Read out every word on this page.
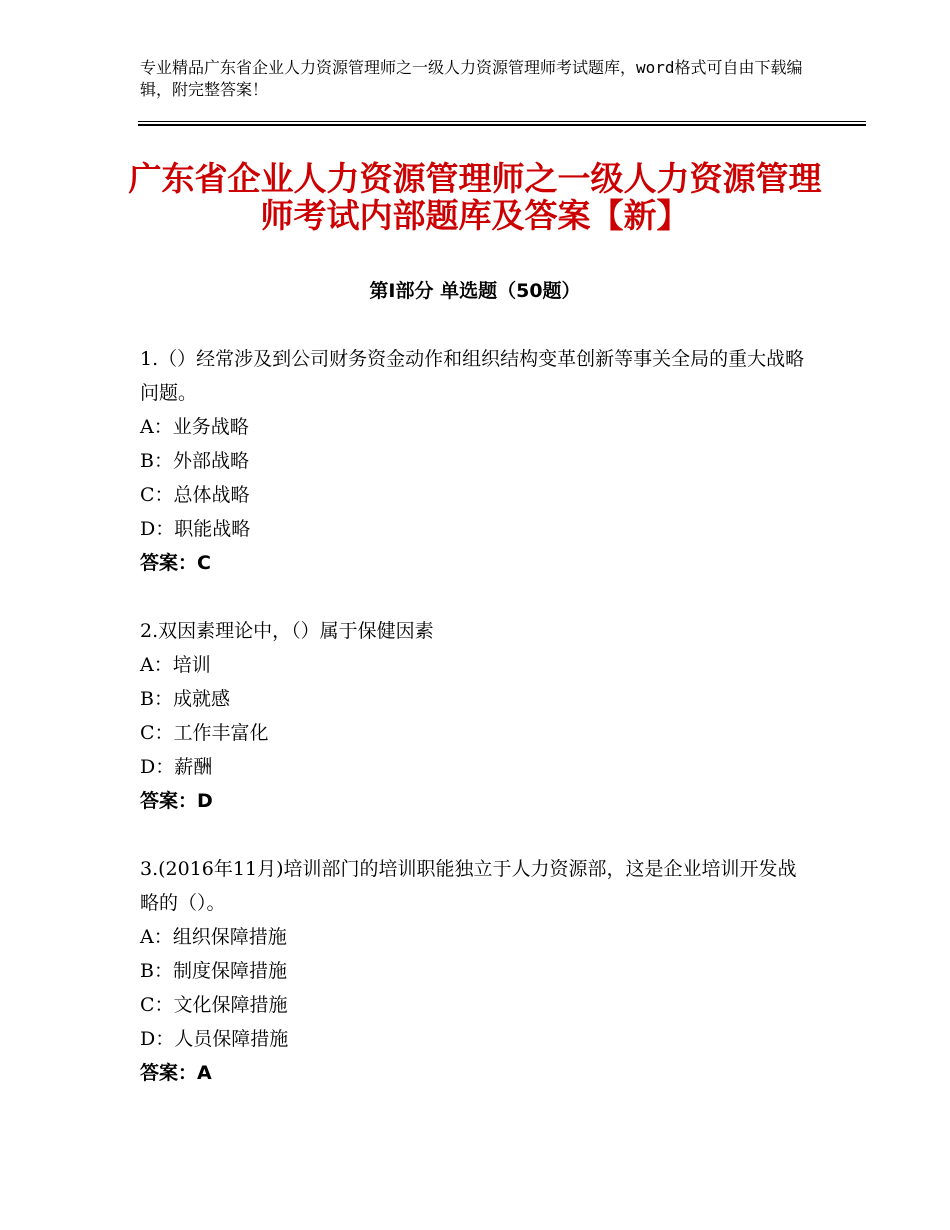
专业精品广东省企业人力资源管理师之一级人力资源管理师考试题库，word格式可自由下载编辑，附完整答案！
广东省企业人力资源管理师之一级人力资源管理师考试内部题库及答案【新】
第Ⅰ部分 单选题（50题）
1.（）经常涉及到公司财务资金动作和组织结构变革创新等事关全局的重大战略问题。
A：业务战略
B：外部战略
C：总体战略
D：职能战略
答案：C
2.双因素理论中，（）属于保健因素
A：培训
B：成就感
C：工作丰富化
D：薪酬
答案：D
3.(2016年11月)培训部门的培训职能独立于人力资源部，这是企业培训开发战略的（）。
A：组织保障措施
B：制度保障措施
C：文化保障措施
D：人员保障措施
答案：A
